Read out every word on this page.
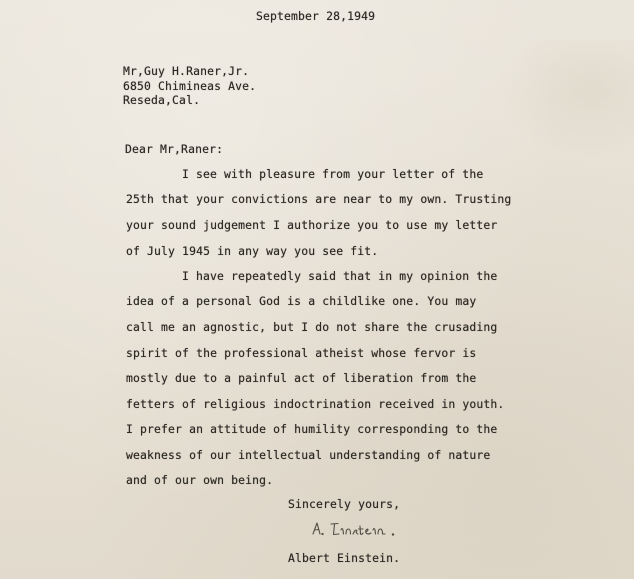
September 28,1949
Mr,Guy H.Raner,Jr.
6850 Chimineas Ave.
Reseda,Cal.
Dear Mr,Raner:
I see with pleasure from your letter of the
25th that your convictions are near to my own. Trusting
your sound judgement I authorize you to use my letter
of July 1945 in any way you see fit.
I have repeatedly said that in my opinion the
idea of a personal God is a childlike one. You may
call me an agnostic, but I do not share the crusading
spirit of the professional atheist whose fervor is
mostly due to a painful act of liberation from the
fetters of religious indoctrination received in youth.
I prefer an attitude of humility corresponding to the
weakness of our intellectual understanding of nature
and of our own being.
Sincerely yours,
Albert Einstein.
